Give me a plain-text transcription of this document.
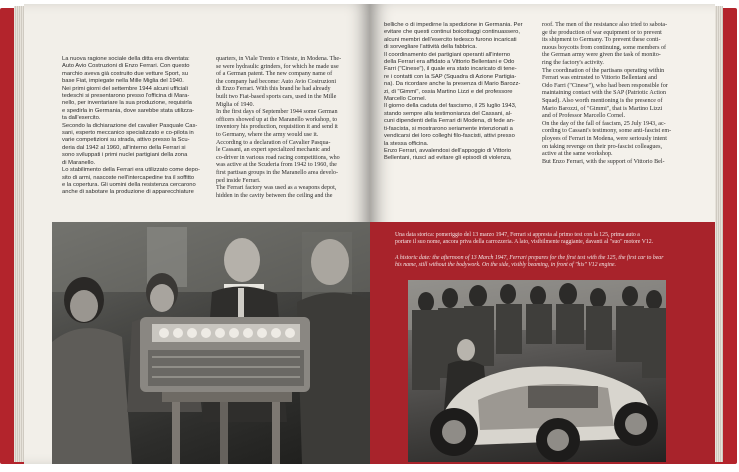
La nuova ragione sociale della ditta era diventata:

Auto Avio Costruzioni di Enzo Ferrari. Con questo

marchio aveva già costruito due vetture Sport, su

base Fiat, impiegate nella Mille Miglia del 1940.

Nei primi giorni del settembre 1944 alcuni ufficiali

tedeschi si presentarono presso l'officina di Mara-

nello, per inventariare la sua produzione, requisirla

e spedirla in Germania, dove sarebbe stata utilizza-

ta dall'esercito.

Secondo la dichiarazione del cavalier Pasquale Cas-

sani, esperto meccanico specializzato e co-pilota in

varie competizioni su strada, attivo presso la Scu-

deria dal 1942 al 1960, all'interno della Ferrari si

sono sviluppati i primi nuclei partigiani della zona

di Maranello.

Lo stabilimento della Ferrari era utilizzato come depo-

sito di armi, nascoste nell'intercapedine tra il soffitto

e la copertura. Gli uomini della resistenza cercarono

anche di sabotare la produzione di apparecchiature

quarters, in Viale Trento e Trieste, in Modena. The-

se were hydraulic grinders, for which he made use

of a German patent. The new company name of

the company had become: Auto Avio Costruzioni

di Enzo Ferrari. With this brand he had already

built two Fiat-based sports cars, used in the Mille

Miglia of 1940.

In the first days of September 1944 some German

officers showed up at the Maranello workshop, to

inventory his production, requisition it and send it

to Germany, where the army would use it.

According to a declaration of Cavalier Pasqua-

le Cassani, an expert specialized mechanic and

co-driver in various road racing competitions, who

was active at the Scuderia from 1942 to 1960, the

first partisan groups in the Maranello area develo-

ped inside Ferrari.

The Ferrari factory was used as a weapons depot,

hidden in the cavity between the ceiling and the

belliche o di impedirne la spedizione in Germania. Per

evitare che questi continui boicottaggi continuassero,

alcuni membri dell'esercito tedesco furono incaricati

di sorvegliare l'attività della fabbrica.

Il coordinamento dei partigiani operanti all'interno

della Ferrari era affidato a Vittorio Bellentani e Odo

Farri ("Cinese"), il quale era stato incaricato di tene-

re i contatti con la SAP (Squadra di Azione Partigia-

na). Da ricordare anche la presenza di Mario Barozz-

zi, di "Gimmi", ossia Martino Lizzi e del professore

Marcello Cornel.

Il giorno della caduta del fascismo, il 25 luglio 1943,

stando sempre alla testimonianza del Cassani, al-

cuni dipendenti della Ferrari di Modena, di fede an-

ti-fascista, si mostrarono seriamente intenzionati a

vendicarsi dei loro colleghi filo-fascisti, attivi presso

la stessa officina.

Enzo Ferrari, avvalendosi dell'appoggio di Vittorio

Bellentani, riuscì ad evitare gli episodi di violenza,

roof. The men of the resistance also tried to sabota-

ge the production of war equipment or to prevent

its shipment to Germany. To prevent these conti-

nuous boycotts from continuing, some members of

the German army were given the task of monito-

ring the factory's activity.

The coordination of the partisans operating within

Ferrari was entrusted to Vittorio Bellentani and

Odo Farri ("Cinese"), who had been responsible for

maintaining contact with the SAP (Patriotic Action

Squad). Also worth mentioning is the presence of

Mario Barozzi, of "Gimmi", that is Martino Lizzi

and of Professor Marcello Cornel.

On the day of the fall of fascism, 25 July 1943, ac-

cording to Cassani's testimony, some anti-fascist em-

ployees of Ferrari in Modena, were seriously intent

on taking revenge on their pro-fascist colleagues,

active at the same workshop.

But Enzo Ferrari, with the support of Vittorio Bel-

Una data storica: pomeriggio del 13 marzo 1947, Ferrari si appresta al primo test con la 125, prima auto a

portare il suo nome, ancora priva della carrozzeria. A lato, visibilmente raggiante, davanti al "suo" motore V12.

A historic date: the afternoon of 13 March 1947, Ferrari prepares for the first test with the 125, the first car to bear

his name, still without the bodywork. On the side, visibly beaming, in front of "his" V12 engine.
